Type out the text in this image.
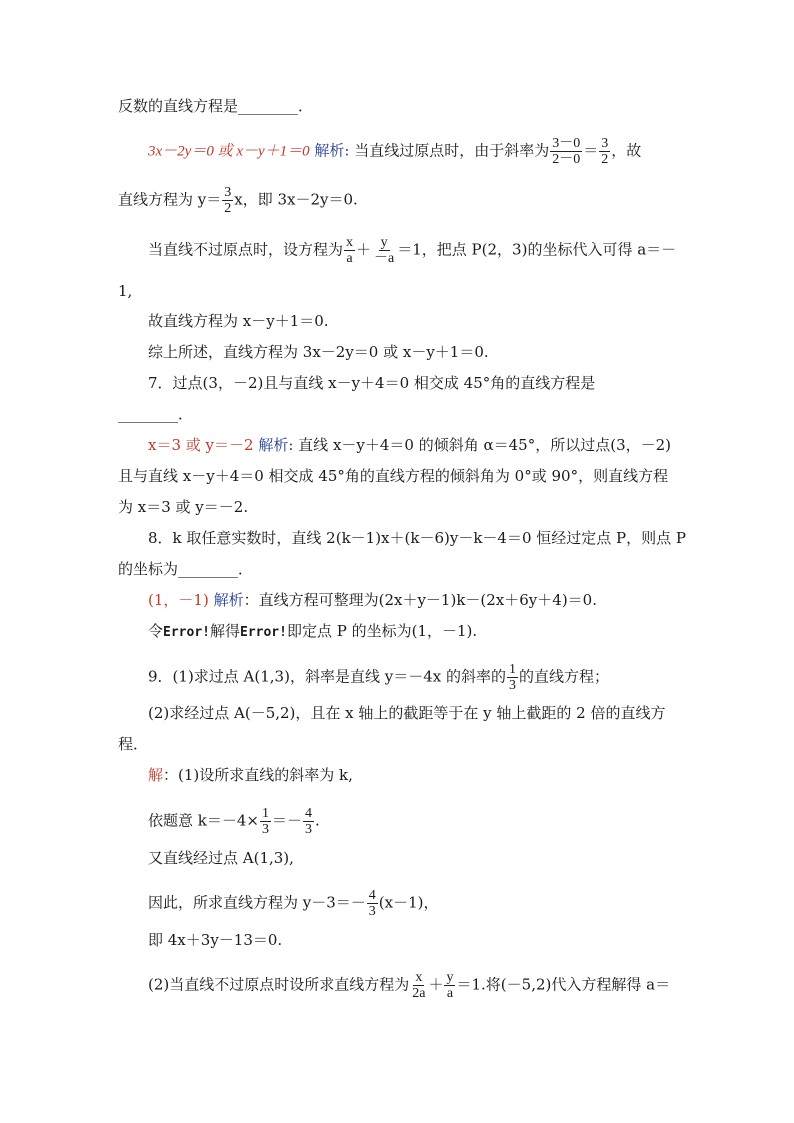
反数的直线方程是________．
3x－2y＝0 或 x－y＋1＝0 解析: 当直线过原点时，由于斜率为 $\frac{3-0}{2-0} = \frac{3}{2}$ ，故
直线方程为 $y= \frac{3}{2}$ x，即 3x－2y＝0.
当直线不过原点时，设方程为 $\frac{x}{a} + \frac{y}{-a} =1$，把点 P(2，3)的坐标代入可得 a＝－
1,
故直线方程为 x－y＋1＝0.
综上所述，直线方程为 3x－2y＝0 或 x－y＋1＝0.
7．过点(3，－2)且与直线 x－y＋4＝0 相交成 45°角的直线方程是
________．
x＝3 或 y＝－2 解析: 直线 x－y＋4＝0 的倾斜角 α＝45°，所以过点(3，－2)
且与直线 x－y＋4＝0 相交成 45°角的直线方程的倾斜角为 0°或 90°，则直线方程
为 x＝3 或 y＝－2.
8．k 取任意实数时，直线 2(k－1)x＋(k－6)y－k－4＝0 恒经过定点 P，则点 P
的坐标为________．
(1，－1) 解析：直线方程可整理为(2x＋y－1)k－(2x＋6y＋4)＝0.
令Error!解得Error!即定点 P 的坐标为(1，－1).
9．(1)求过点 A(1,3)，斜率是直线 y＝－4x 的斜率的 $\frac{1}{3}$ 的直线方程；
(2)求经过点 A(－5,2)，且在 x 轴上的截距等于在 y 轴上截距的 2 倍的直线方
程．
解：(1)设所求直线的斜率为 k,
依题意 $k=-4\times \frac{1}{3} =- \frac{4}{3}$ .
又直线经过点 A(1,3),
因此，所求直线方程为 $y-3=- \frac{4}{3} (x-1)$，
即 4x＋3y－13＝0.
(2)当直线不过原点时设所求直线方程为 $\frac{x}{2a} + \frac{y}{a} =1$.将(－5,2)代入方程解得 a＝
